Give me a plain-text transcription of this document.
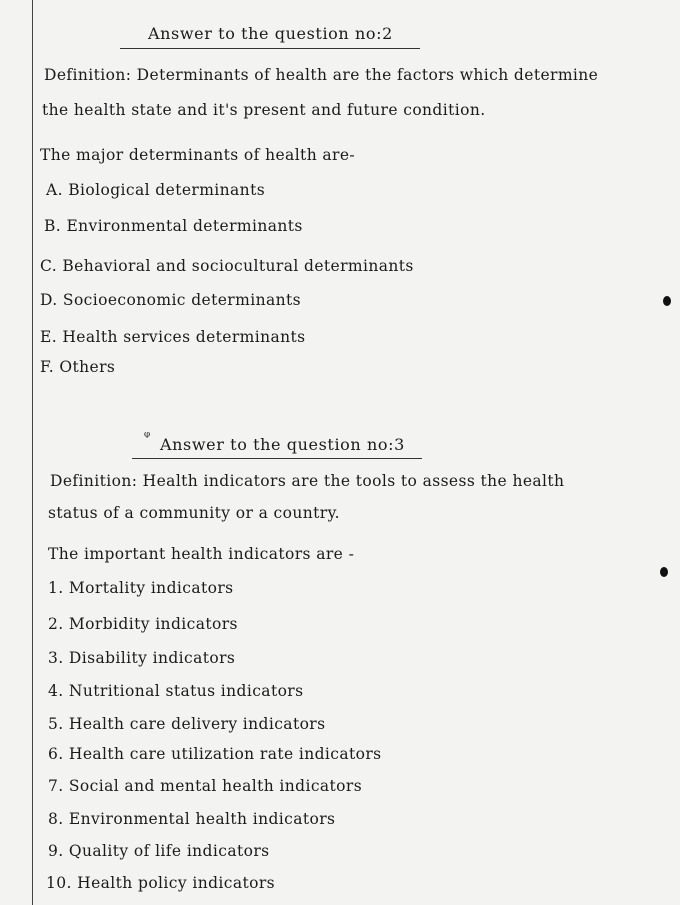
Answer to the question no:2
Definition: Determinants of health are the factors which determine
the health state and it's present and future condition.
The major determinants of health are-
A. Biological determinants
B. Environmental determinants
C. Behavioral and sociocultural determinants
D. Socioeconomic determinants
E. Health services determinants
F. Others
ᵠ Answer to the question no:3
Definition: Health indicators are the tools to assess the health
status of a community or a country.
The important health indicators are -
1. Mortality indicators
2. Morbidity indicators
3. Disability indicators
4. Nutritional status indicators
5. Health care delivery indicators
6. Health care utilization rate indicators
7. Social and mental health indicators
8. Environmental health indicators
9. Quality of life indicators
10. Health policy indicators
